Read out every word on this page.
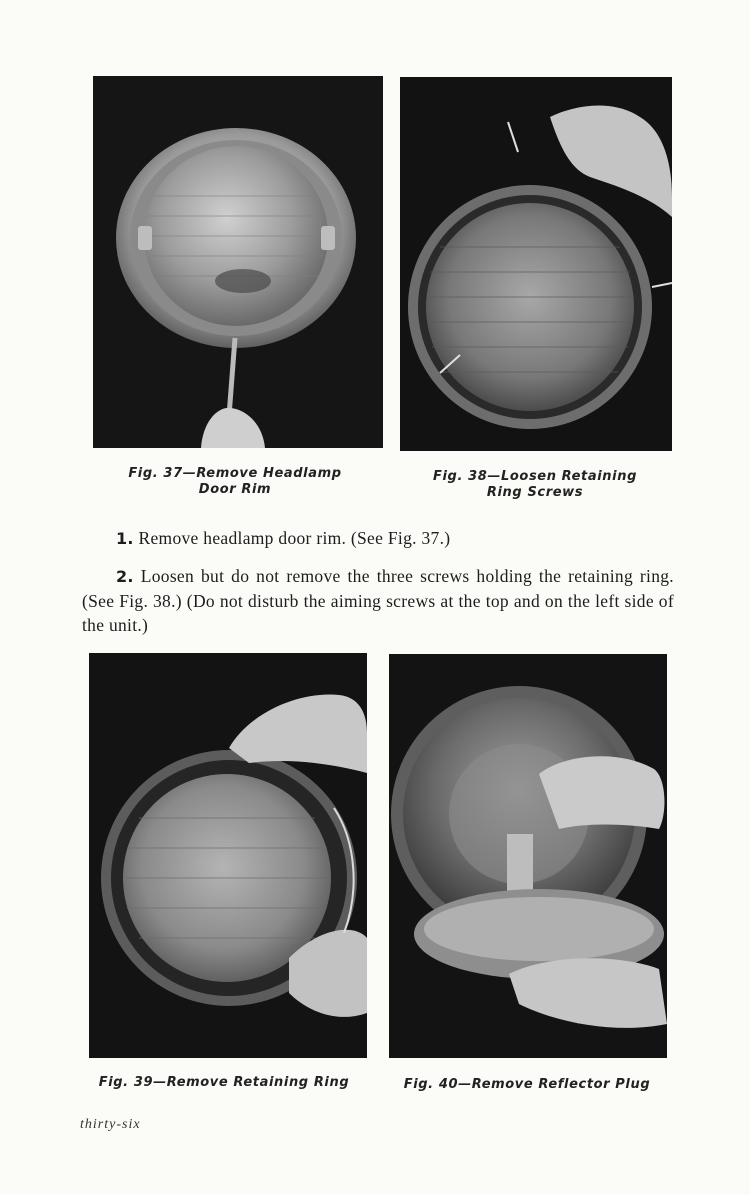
Fig. 37—Remove Headlamp
Door Rim
Fig. 38—Loosen Retaining
Ring Screws
1. Remove headlamp door rim. (See Fig. 37.)
2. Loosen but do not remove the three screws holding the retaining ring. (See Fig. 38.) (Do not disturb the aiming screws at the top and on the left side of the unit.)
Fig. 39—Remove Retaining Ring	Fig. 40—Remove Reflector Plug
thirty-six
